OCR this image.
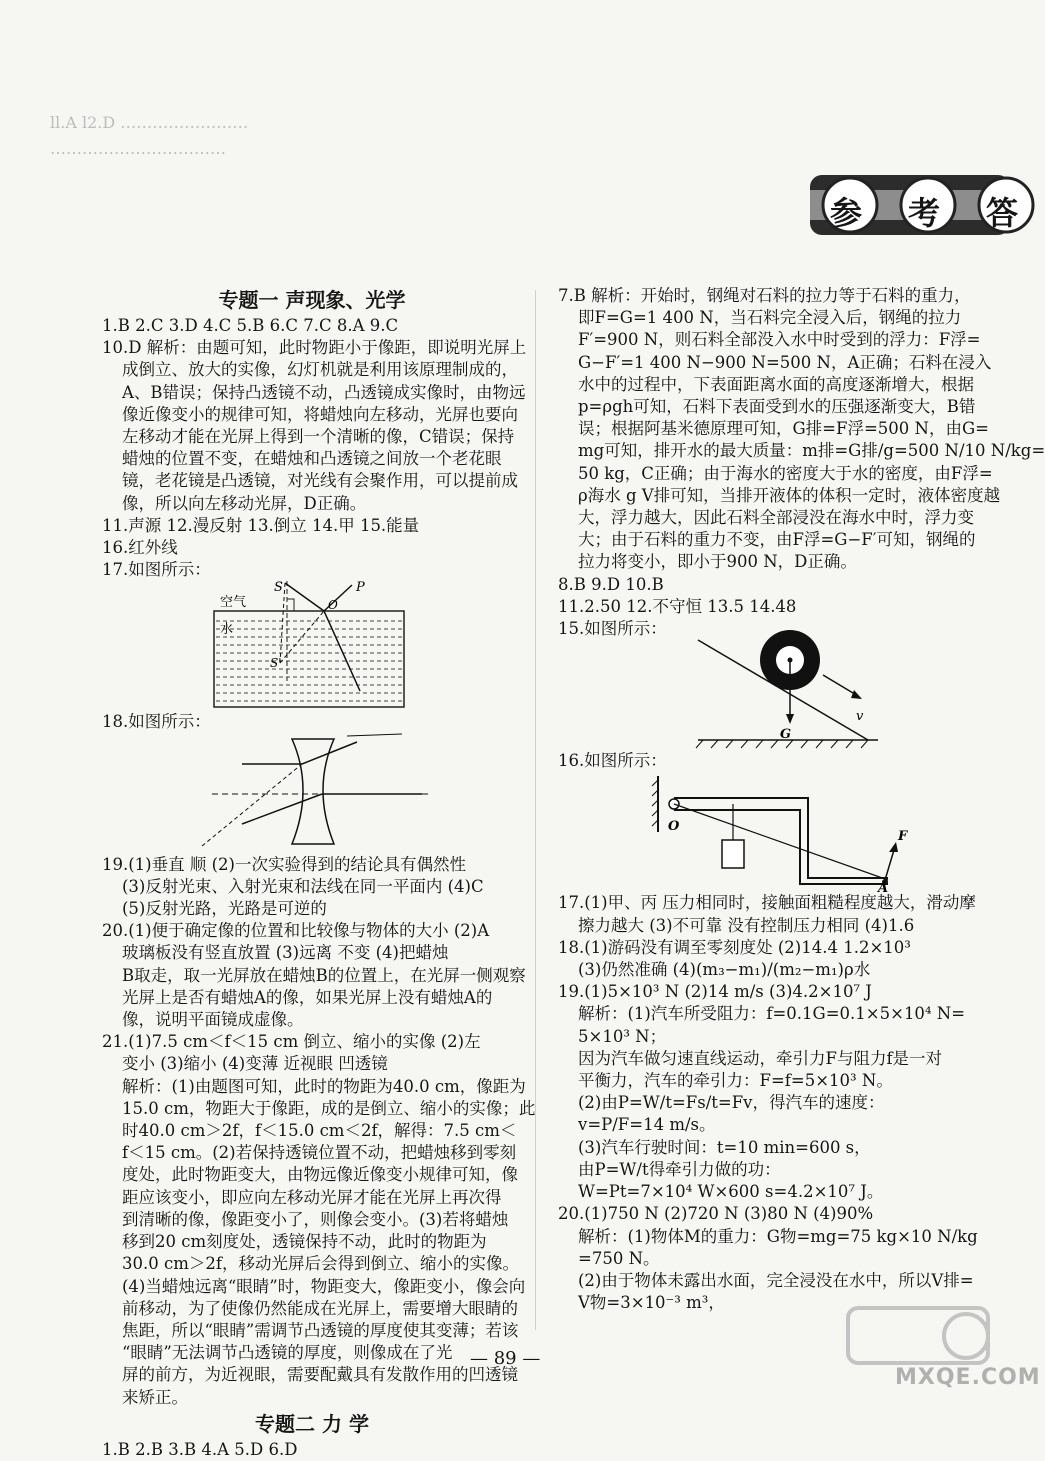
ll.A l2.D ……………………
……………………………
参 考 答

专题一 声现象、光学

1.B 2.C 3.D 4.C 5.B 6.C 7.C 8.A 9.C

10.D 解析：由题可知，此时物距小于像距，即说明光屏上

成倒立、放大的实像，幻灯机就是利用该原理制成的，

A、B错误；保持凸透镜不动，凸透镜成实像时，由物远

像近像变小的规律可知，将蜡烛向左移动，光屏也要向

左移动才能在光屏上得到一个清晰的像，C错误；保持

蜡烛的位置不变，在蜡烛和凸透镜之间放一个老花眼

镜，老花镜是凸透镜，对光线有会聚作用，可以提前成

像，所以向左移动光屏，D正确。

11.声源 12.漫反射 13.倒立 14.甲 15.能量

16.红外线

17.如图所示：

空气
水
S	P
O
S'

18.如图所示：

19.(1)垂直 顺 (2)一次实验得到的结论具有偶然性

(3)反射光束、入射光束和法线在同一平面内 (4)C

(5)反射光路，光路是可逆的

20.(1)便于确定像的位置和比较像与物体的大小 (2)A

玻璃板没有竖直放置 (3)远离 不变 (4)把蜡烛

B取走，取一光屏放在蜡烛B的位置上，在光屏一侧观察

光屏上是否有蜡烛A的像，如果光屏上没有蜡烛A的

像，说明平面镜成虚像。

21.(1)7.5 cm＜f＜15 cm 倒立、缩小的实像 (2)左

变小 (3)缩小 (4)变薄 近视眼 凹透镜

解析：(1)由题图可知，此时的物距为40.0 cm，像距为

15.0 cm，物距大于像距，成的是倒立、缩小的实像；此

时40.0 cm＞2f，f＜15.0 cm＜2f，解得：7.5 cm＜

f＜15 cm。(2)若保持透镜位置不动，把蜡烛移到零刻

度处，此时物距变大，由物远像近像变小规律可知，像

距应该变小，即应向左移动光屏才能在光屏上再次得

到清晰的像，像距变小了，则像会变小。(3)若将蜡烛

移到20 cm刻度处，透镜保持不动，此时的物距为

30.0 cm＞2f，移动光屏后会得到倒立、缩小的实像。

(4)当蜡烛远离“眼睛”时，物距变大，像距变小，像会向

前移动，为了使像仍然能成在光屏上，需要增大眼睛的

焦距，所以“眼睛”需调节凸透镜的厚度使其变薄；若该

“眼睛”无法调节凸透镜的厚度，则像成在了光

屏的前方，为近视眼，需要配戴具有发散作用的凹透镜

来矫正。

专题二 力 学

1.B 2.B 3.B 4.A 5.D 6.D

7.B 解析：开始时，钢绳对石料的拉力等于石料的重力，

即F=G=1 400 N，当石料完全浸入后，钢绳的拉力

F′=900 N，则石料全部没入水中时受到的浮力：F浮=

G−F′=1 400 N−900 N=500 N，A正确；石料在浸入

水中的过程中，下表面距离水面的高度逐渐增大，根据

p=ρgh可知，石料下表面受到水的压强逐渐变大，B错

误；根据阿基米德原理可知，G排=F浮=500 N，由G=

mg可知，排开水的最大质量：m排=G排/g=500 N/10 N/kg=

50 kg，C正确；由于海水的密度大于水的密度，由F浮=

ρ海水 g V排可知，当排开液体的体积一定时，液体密度越

大，浮力越大，因此石料全部浸没在海水中时，浮力变

大；由于石料的重力不变，由F浮=G−F′可知，钢绳的

拉力将变小，即小于900 N，D正确。

8.B 9.D 10.B

11.2.50 12.不守恒 13.5 14.48

15.如图所示：

v
G

16.如图所示：

O
A
F

17.(1)甲、丙 压力相同时，接触面粗糙程度越大，滑动摩

擦力越大 (3)不可靠 没有控制压力相同 (4)1.6

18.(1)游码没有调至零刻度处 (2)14.4 1.2×10³

(3)仍然准确 (4)(m₃−m₁)/(m₂−m₁)ρ水

19.(1)5×10³ N (2)14 m/s (3)4.2×10⁷ J

解析：(1)汽车所受阻力：f=0.1G=0.1×5×10⁴ N=

5×10³ N；

因为汽车做匀速直线运动，牵引力F与阻力f是一对

平衡力，汽车的牵引力：F=f=5×10³ N。

(2)由P=W/t=Fs/t=Fv，得汽车的速度：

v=P/F=14 m/s。

(3)汽车行驶时间：t=10 min=600 s，

由P=W/t得牵引力做的功：

W=Pt=7×10⁴ W×600 s=4.2×10⁷ J。

20.(1)750 N (2)720 N (3)80 N (4)90%

解析：(1)物体M的重力：G物=mg=75 kg×10 N/kg

=750 N。

(2)由于物体未露出水面，完全浸没在水中，所以V排=

V物=3×10⁻³ m³，

— 89 —
MXQE.COM
